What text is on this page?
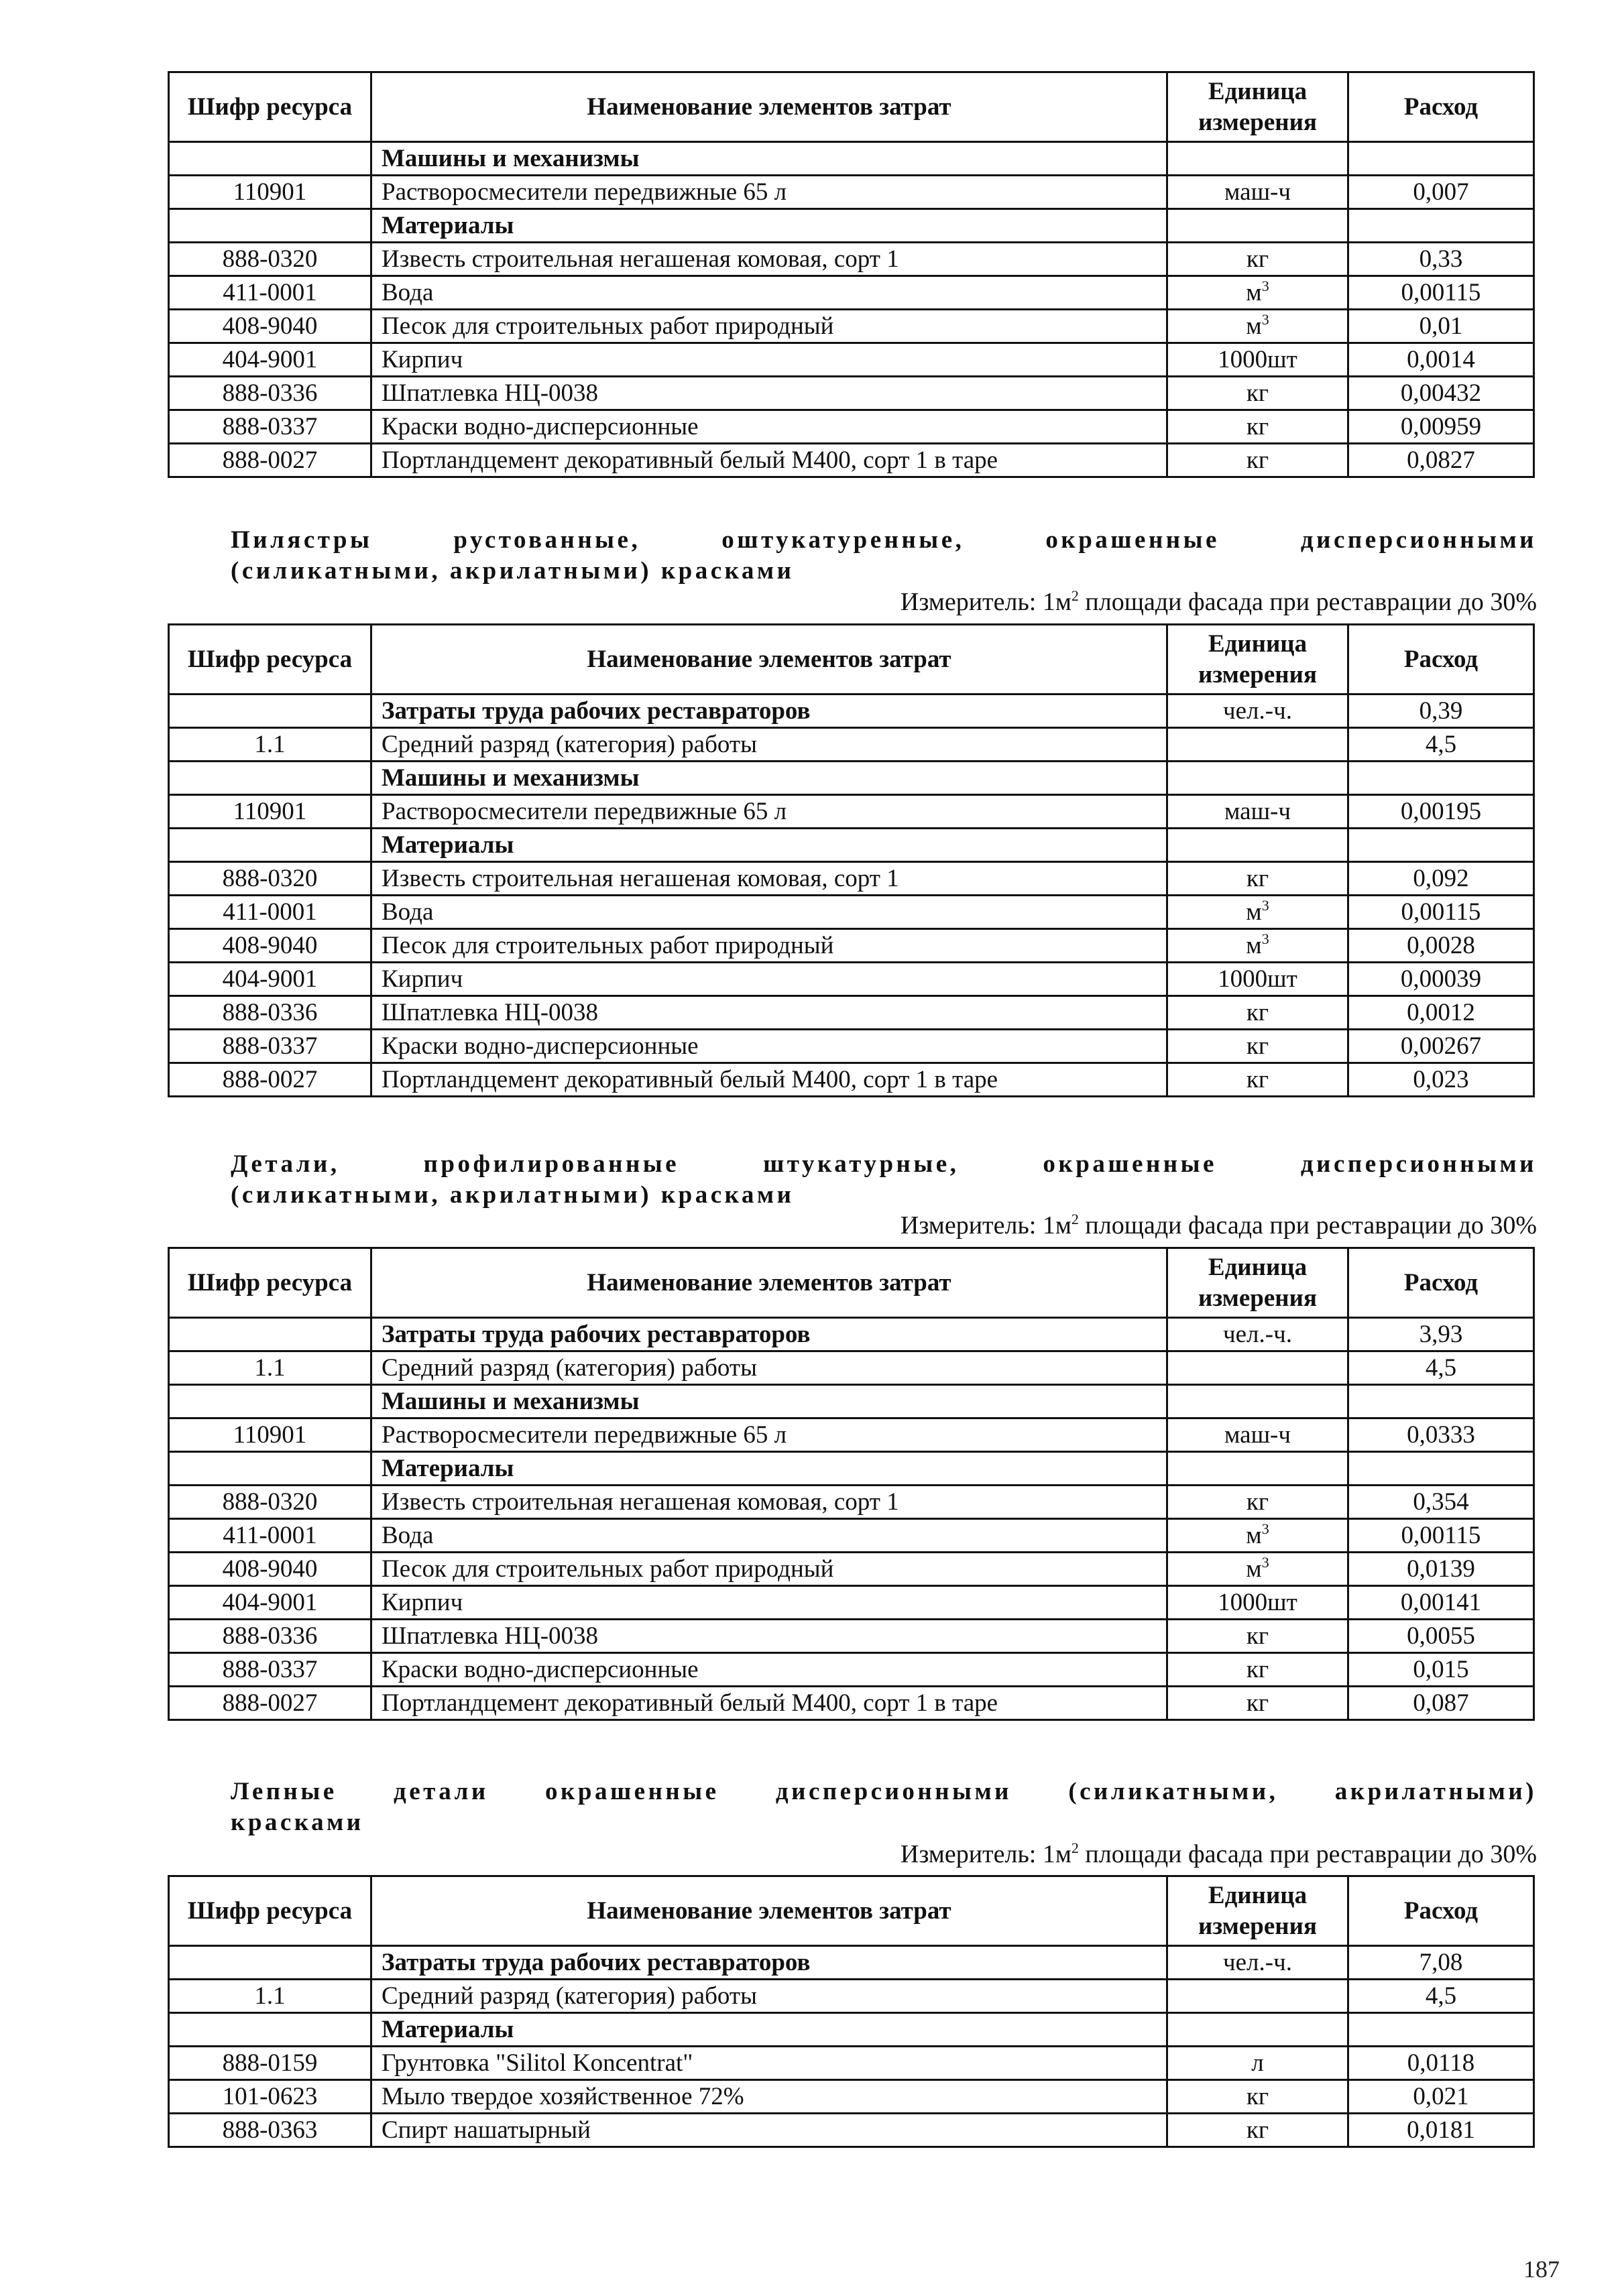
Шифр ресурса	Наименование элементов затрат	Единица измерения	Расход
	Машины и механизмы		
110901	Растворосмесители передвижные 65 л	маш-ч	0,007
	Материалы		
888-0320	Известь строительная негашеная комовая, сорт 1	кг	0,33
411-0001	Вода	$м^3$	0,00115
408-9040	Песок для строительных работ природный	$м^3$	0,01
404-9001	Кирпич	1000шт	0,0014
888-0336	Шпатлевка НЦ-0038	кг	0,00432
888-0337	Краски водно-дисперсионные	кг	0,00959
888-0027	Портландцемент декоративный белый М400, сорт 1 в таре	кг	0,0827
Пилястры рустованные, оштукатуренные, окрашенные дисперсионными
(силикатными, акрилатными) красками
Измеритель: $1м^2$ площади фасада при реставрации до 30%
Шифр ресурса	Наименование элементов затрат	Единица измерения	Расход
	Затраты труда рабочих реставраторов	чел.-ч.	0,39
1.1	Средний разряд (категория) работы		4,5
	Машины и механизмы		
110901	Растворосмесители передвижные 65 л	маш-ч	0,00195
	Материалы		
888-0320	Известь строительная негашеная комовая, сорт 1	кг	0,092
411-0001	Вода	$м^3$	0,00115
408-9040	Песок для строительных работ природный	$м^3$	0,0028
404-9001	Кирпич	1000шт	0,00039
888-0336	Шпатлевка НЦ-0038	кг	0,0012
888-0337	Краски водно-дисперсионные	кг	0,00267
888-0027	Портландцемент декоративный белый М400, сорт 1 в таре	кг	0,023
Детали, профилированные штукатурные, окрашенные дисперсионными
(силикатными, акрилатными) красками
Измеритель: $1м^2$ площади фасада при реставрации до 30%
Шифр ресурса	Наименование элементов затрат	Единица измерения	Расход
	Затраты труда рабочих реставраторов	чел.-ч.	3,93
1.1	Средний разряд (категория) работы		4,5
	Машины и механизмы		
110901	Растворосмесители передвижные 65 л	маш-ч	0,0333
	Материалы		
888-0320	Известь строительная негашеная комовая, сорт 1	кг	0,354
411-0001	Вода	$м^3$	0,00115
408-9040	Песок для строительных работ природный	$м^3$	0,0139
404-9001	Кирпич	1000шт	0,00141
888-0336	Шпатлевка НЦ-0038	кг	0,0055
888-0337	Краски водно-дисперсионные	кг	0,015
888-0027	Портландцемент декоративный белый М400, сорт 1 в таре	кг	0,087
Лепные детали окрашенные дисперсионными (силикатными, акрилатными)
красками
Измеритель: $1м^2$ площади фасада при реставрации до 30%
Шифр ресурса	Наименование элементов затрат	Единица измерения	Расход
	Затраты труда рабочих реставраторов	чел.-ч.	7,08
1.1	Средний разряд (категория) работы		4,5
	Материалы		
888-0159	Грунтовка "Silitol Koncentrat"	л	0,0118
101-0623	Мыло твердое хозяйственное 72%	кг	0,021
888-0363	Спирт нашатырный	кг	0,0181
187
